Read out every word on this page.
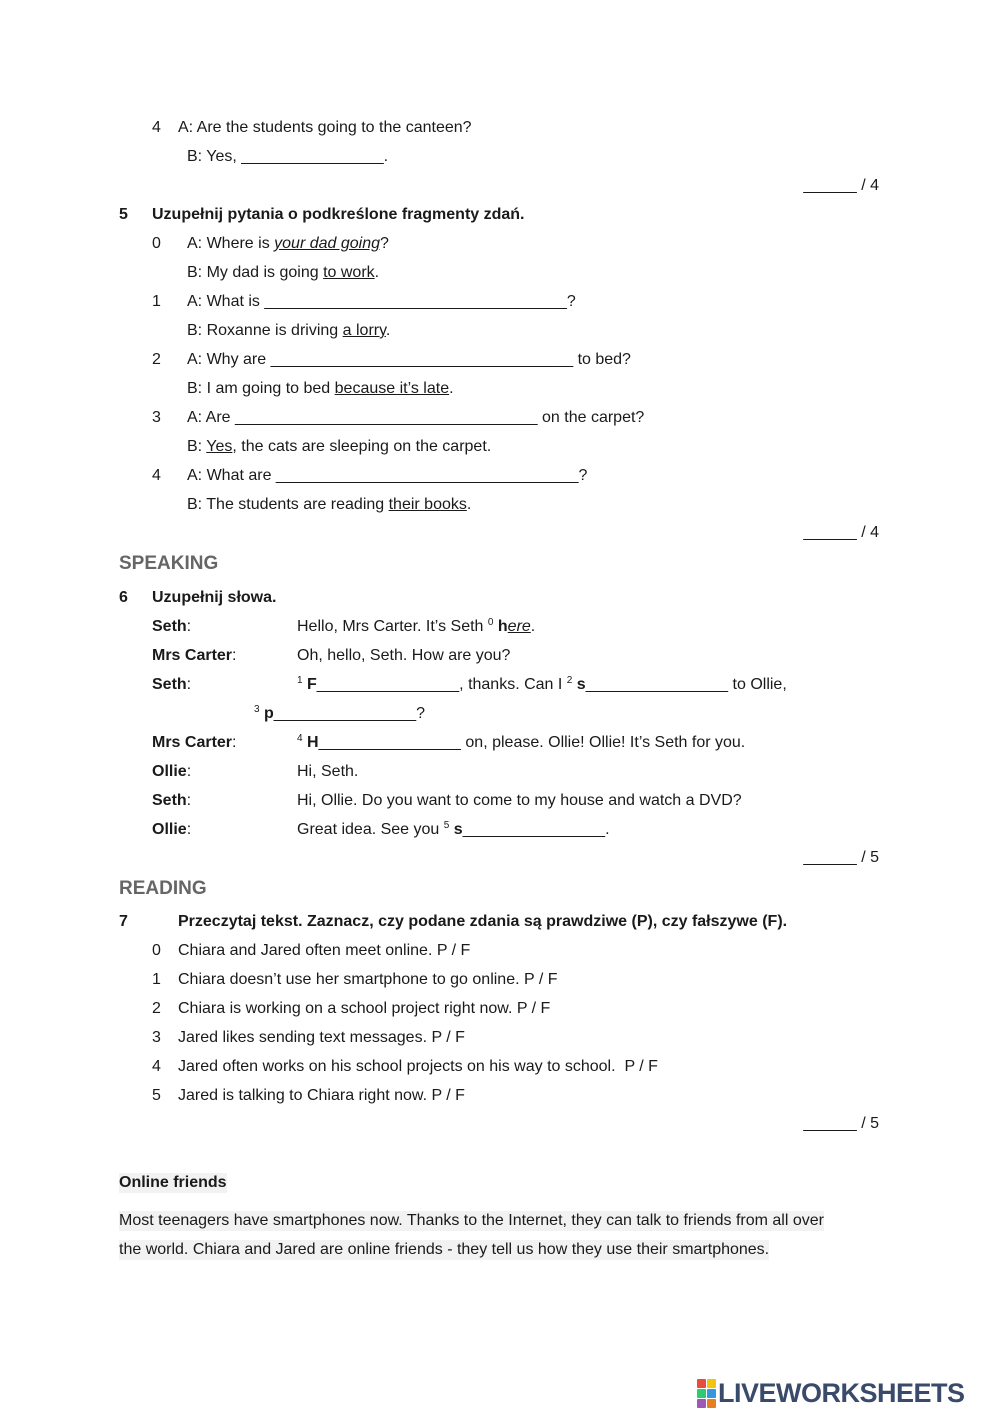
4 A: Are the students going to the canteen?
B: Yes, ________________.
______ / 4
5 Uzupełnij pytania o podkreślone fragmenty zdań.
0 A: Where is your dad going?
B: My dad is going to work.
1 A: What is __________________________________?
B: Roxanne is driving a lorry.
2 A: Why are __________________________________ to bed?
B: I am going to bed because it’s late.
3 A: Are __________________________________ on the carpet?
B: Yes, the cats are sleeping on the carpet.
4 A: What are __________________________________?
B: The students are reading their books.
______ / 4
SPEAKING
6 Uzupełnij słowa.
Seth:	Hello, Mrs Carter. It’s Seth $^0$ here.
Mrs Carter:	Oh, hello, Seth. How are you?
Seth:	$^1$ F________________, thanks. Can I $^2$ s________________ to Ollie,
$^3$ p________________?
Mrs Carter:	$^4$ H________________ on, please. Ollie! Ollie! It’s Seth for you.
Ollie:	Hi, Seth.
Seth:	Hi, Ollie. Do you want to come to my house and watch a DVD?
Ollie:	Great idea. See you $^5$ s________________.
______ / 5
READING
7	Przeczytaj tekst. Zaznacz, czy podane zdania są prawdziwe (P), czy fałszywe (F).
0 Chiara and Jared often meet online. P / F
1 Chiara doesn’t use her smartphone to go online. P / F
2 Chiara is working on a school project right now. P / F
3 Jared likes sending text messages. P / F
4 Jared often works on his school projects on his way to school.  P / F
5 Jared is talking to Chiara right now. P / F
______ / 5
Online friends
Most teenagers have smartphones now. Thanks to the Internet, they can talk to friends from all over
the world. Chiara and Jared are online friends - they tell us how they use their smartphones.
LIVEWORKSHEETS
